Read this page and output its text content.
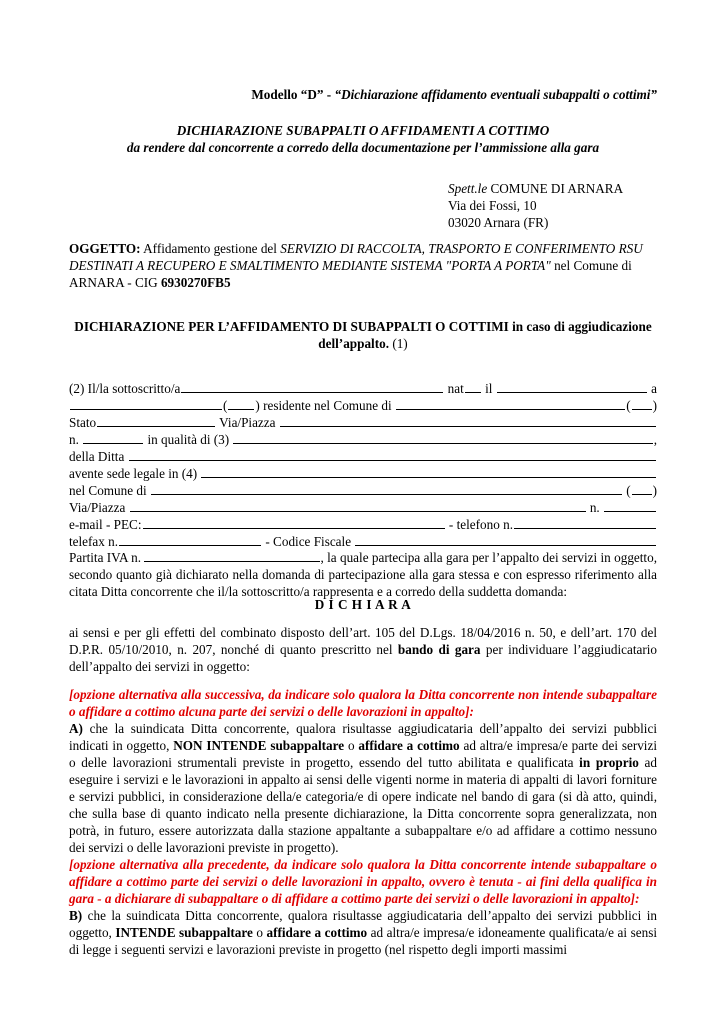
Modello “D” - “Dichiarazione affidamento eventuali subappalti o cottimi”
DICHIARAZIONE SUBAPPALTI O AFFIDAMENTI A COTTIMO
da rendere dal concorrente a corredo della documentazione per l’ammissione alla gara
Spett.le COMUNE DI ARNARA
Via dei Fossi, 10
03020 Arnara (FR)
OGGETTO: Affidamento gestione del SERVIZIO DI RACCOLTA, TRASPORTO E CONFERIMENTO RSU DESTINATI A RECUPERO E SMALTIMENTO MEDIANTE SISTEMA "PORTA A PORTA" nel Comune di ARNARA - CIG 6930270FB5
DICHIARAZIONE PER L’AFFIDAMENTO DI SUBAPPALTI O COTTIMI in caso di aggiudicazione dell’appalto. (1)
(2) Il/la sottoscritto/a	nat il	a
( ) residente nel Comune di	( )
Stato	Via/Piazza
n.	in qualità di (3)	,
della Ditta
avente sede legale in (4)
nel Comune di	( )
Via/Piazza	n.
e-mail - PEC:	- telefono n.
telefax n.	- Codice Fiscale
Partita IVA n.	, la quale partecipa alla gara per l’appalto dei servizi in oggetto, secondo quanto già dichiarato nella domanda di partecipazione alla gara stessa e con espresso riferimento alla citata Ditta concorrente che il/la sottoscritto/a rappresenta e a corredo della suddetta domanda:
D I C H I A R A
ai sensi e per gli effetti del combinato disposto dell’art. 105 del D.Lgs. 18/04/2016 n. 50, e dell’art. 170 del D.P.R. 05/10/2010, n. 207, nonché di quanto prescritto nel bando di gara per individuare l’aggiudicatario dell’appalto dei servizi in oggetto:
[opzione alternativa alla successiva, da indicare solo qualora la Ditta concorrente non intende subappaltare o affidare a cottimo alcuna parte dei servizi o delle lavorazioni in appalto]:
A) che la suindicata Ditta concorrente, qualora risultasse aggiudicataria dell’appalto dei servizi pubblici indicati in oggetto, NON INTENDE subappaltare o affidare a cottimo ad altra/e impresa/e parte dei servizi o delle lavorazioni strumentali previste in progetto, essendo del tutto abilitata e qualificata in proprio ad eseguire i servizi e le lavorazioni in appalto ai sensi delle vigenti norme in materia di appalti di lavori forniture e servizi pubblici, in considerazione della/e categoria/e di opere indicate nel bando di gara (si dà atto, quindi, che sulla base di quanto indicato nella presente dichiarazione, la Ditta concorrente sopra generalizzata, non potrà, in futuro, essere autorizzata dalla stazione appaltante a subappaltare e/o ad affidare a cottimo nessuno dei servizi o delle lavorazioni previste in progetto).
[opzione alternativa alla precedente, da indicare solo qualora la Ditta concorrente intende subappaltare o affidare a cottimo parte dei servizi o delle lavorazioni in appalto, ovvero è tenuta - ai fini della qualifica in gara - a dichiarare di subappaltare o di affidare a cottimo parte dei servizi o delle lavorazioni in appalto]:
B) che la suindicata Ditta concorrente, qualora risultasse aggiudicataria dell’appalto dei servizi pubblici in oggetto, INTENDE subappaltare o affidare a cottimo ad altra/e impresa/e idoneamente qualificata/e ai sensi di legge i seguenti servizi e lavorazioni previste in progetto (nel rispetto degli importi massimi
